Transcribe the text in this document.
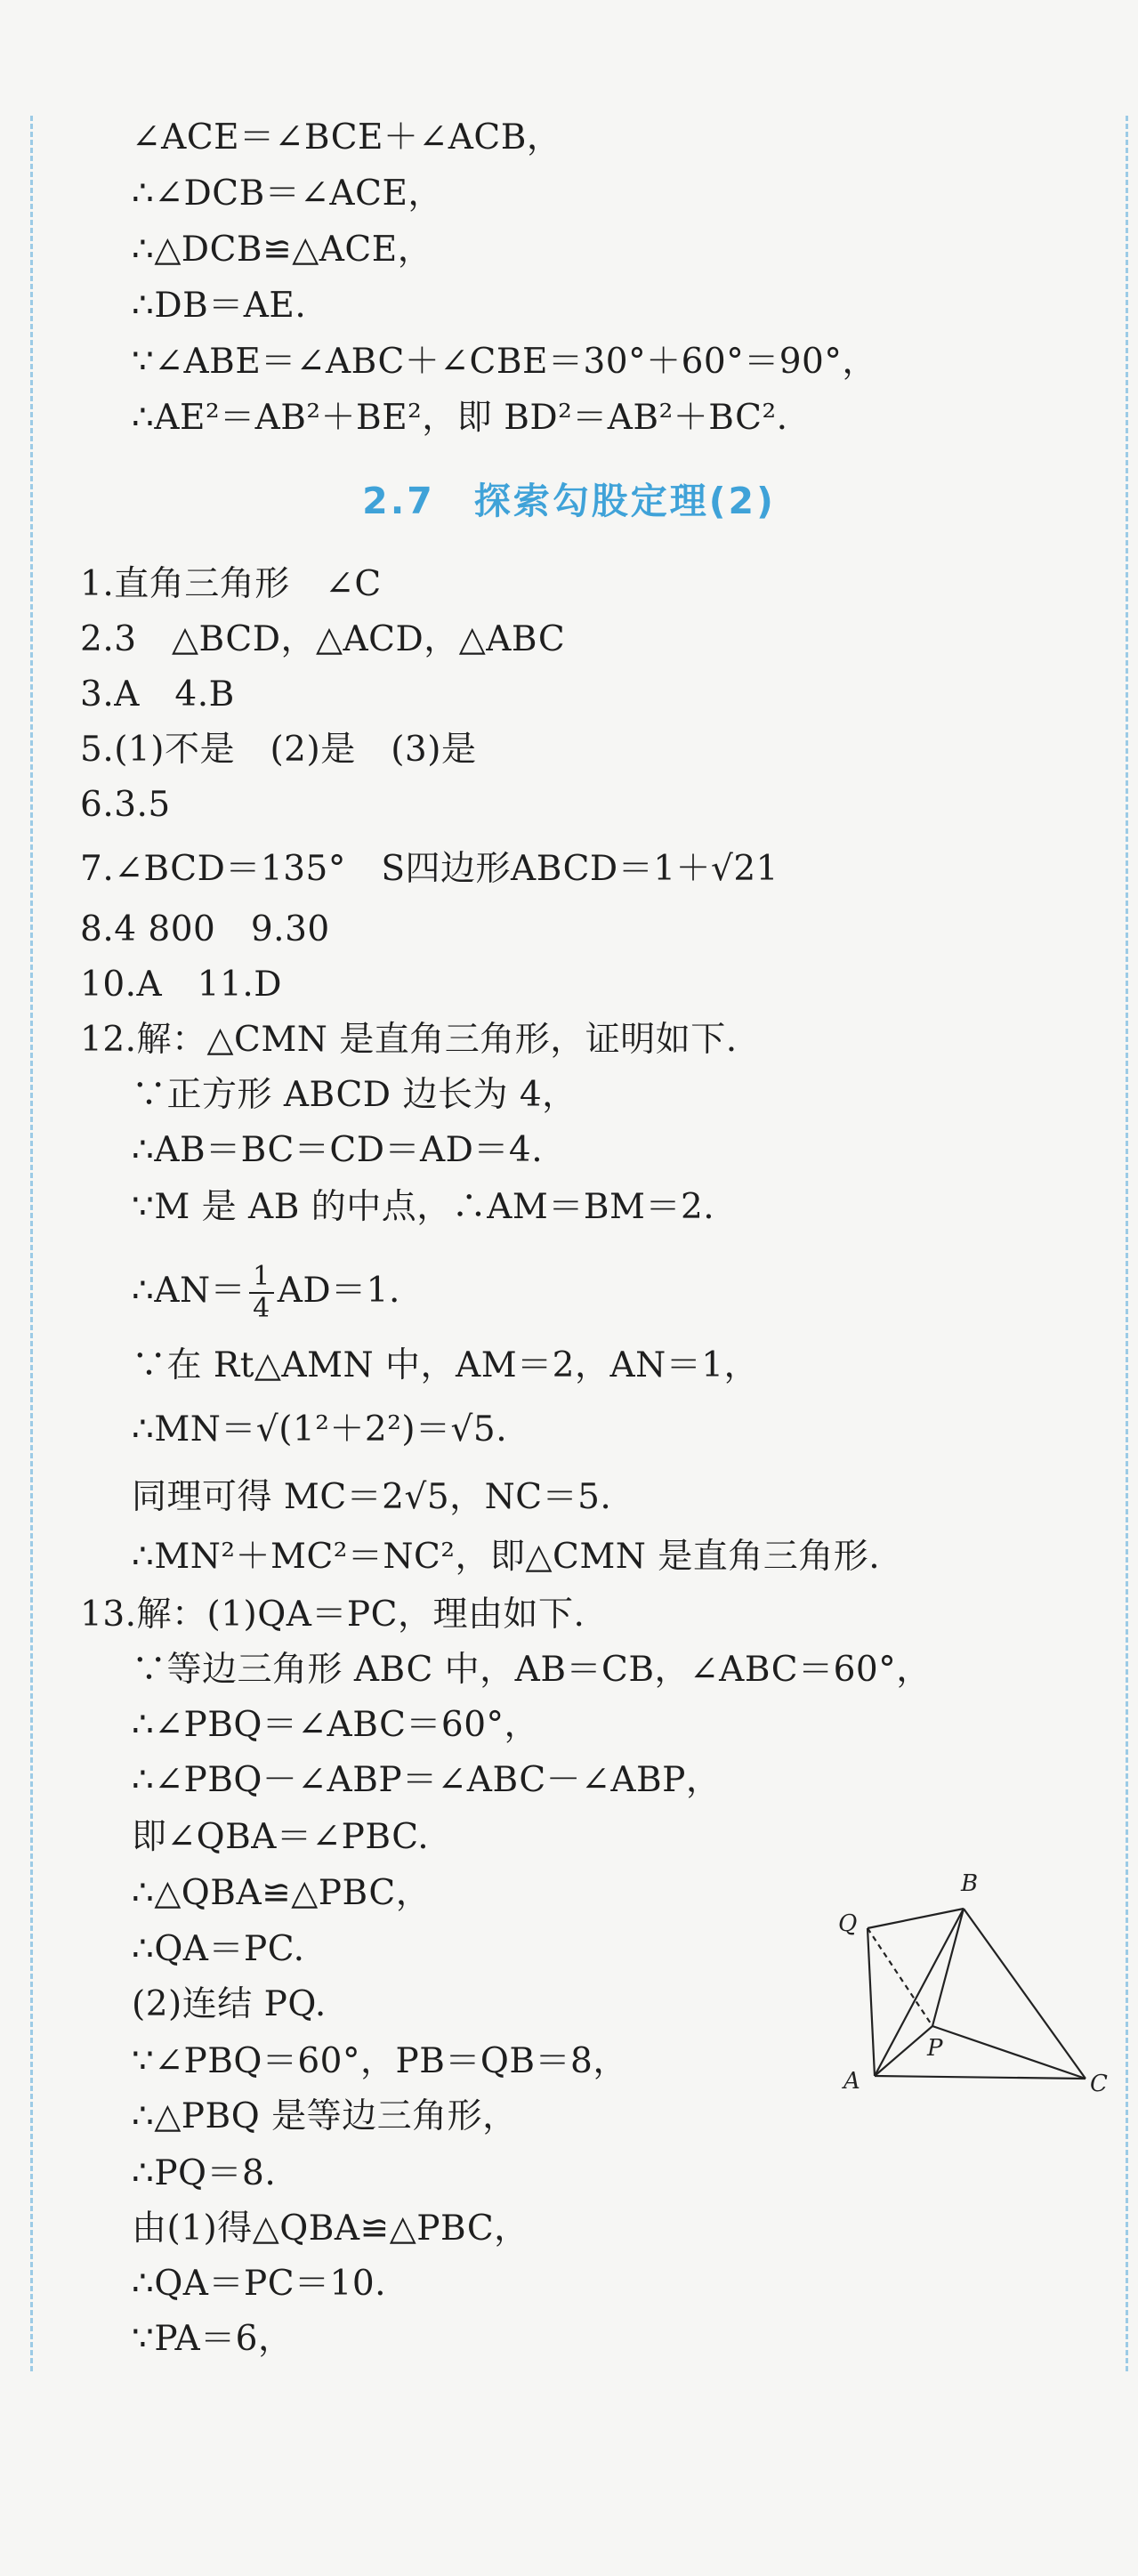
∠ACE＝∠BCE＋∠ACB，
∴∠DCB＝∠ACE，
∴△DCB≌△ACE，
∴DB＝AE.
∵∠ABE＝∠ABC＋∠CBE＝30°＋60°＝90°，
∴AE²＝AB²＋BE²，即 BD²＝AB²＋BC².
2.7　探索勾股定理(2)
1.直角三角形　∠C
2.3　△BCD，△ACD，△ABC
3.A　4.B
5.(1)不是　(2)是　(3)是
6.3.5
7.∠BCD＝135°　S四边形ABCD＝1＋√21
8.4 800　9.30
10.A　11.D
12.解：△CMN 是直角三角形，证明如下.
∵正方形 ABCD 边长为 4，
∴AB＝BC＝CD＝AD＝4.
∵M 是 AB 的中点，∴AM＝BM＝2.
∴AN＝ $\frac{1}{4} AD=1$.
∵在 Rt△AMN 中，AM＝2，AN＝1，
∴MN＝√(1²＋2²)＝√5.
同理可得 MC＝2√5，NC＝5.
∴MN²＋MC²＝NC²，即△CMN 是直角三角形.
13.解：(1)QA＝PC，理由如下.
∵等边三角形 ABC 中，AB＝CB，∠ABC＝60°，
∴∠PBQ＝∠ABC＝60°，
∴∠PBQ－∠ABP＝∠ABC－∠ABP，
即∠QBA＝∠PBC.
∴△QBA≌△PBC，
∴QA＝PC.
(2)连结 PQ.
∵∠PBQ＝60°，PB＝QB＝8，
∴△PBQ 是等边三角形，
∴PQ＝8.
由(1)得△QBA≌△PBC，
∴QA＝PC＝10.
∵PA＝6，
Q
B
P
A	C
